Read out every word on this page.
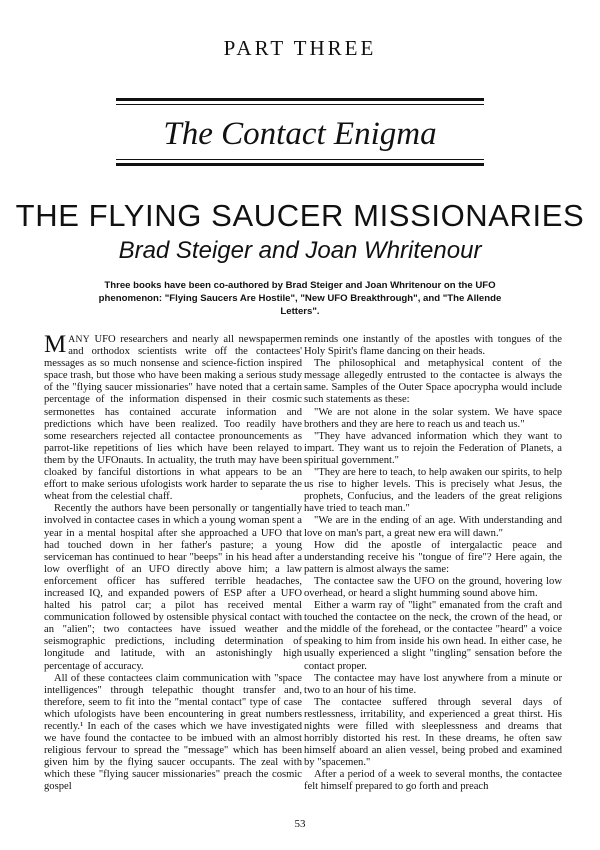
PART THREE
The Contact Enigma
THE FLYING SAUCER MISSIONARIES
Brad Steiger and Joan Whritenour
Three books have been co-authored by Brad Steiger and Joan Whritenour on the UFO phenomenon: "Flying Saucers Are Hostile", "New UFO Breakthrough", and "The Allende Letters".

MANY UFO researchers and nearly all newspapermen and orthodox scientists write off the contactees' messages as so much nonsense and science-fiction inspired space trash, but those who have been making a serious study of the "flying saucer missionaries" have noted that a certain percentage of the information dispensed in their cosmic sermonettes has contained accurate information and predictions which have been realized. Too readily have some researchers rejected all contactee pronouncements as parrot-like repetitions of lies which have been relayed to them by the UFOnauts. In actuality, the truth may have been cloaked by fanciful distortions in what appears to be an effort to make serious ufologists work harder to separate the wheat from the celestial chaff.

Recently the authors have been personally or tangentially involved in contactee cases in which a young woman spent a year in a mental hospital after she approached a UFO that had touched down in her father's pasture; a young serviceman has continued to hear "beeps" in his head after a low overflight of an UFO directly above him; a law enforcement officer has suffered terrible headaches, increased IQ, and expanded powers of ESP after a UFO halted his patrol car; a pilot has received mental communication followed by ostensible physical contact with an "alien"; two contactees have issued weather and seismographic predictions, including determination of longitude and latitude, with an astonishingly high percentage of accuracy.

All of these contactees claim communication with "space intelligences" through telepathic thought transfer and, therefore, seem to fit into the "mental contact" type of case which ufologists have been encountering in great numbers recently.¹ In each of the cases which we have investigated we have found the contactee to be imbued with an almost religious fervour to spread the "message" which has been given him by the flying saucer occupants. The zeal with which these "flying saucer missionaries" preach the cosmic gospel

reminds one instantly of the apostles with tongues of the Holy Spirit's flame dancing on their heads.

The philosophical and metaphysical content of the message allegedly entrusted to the contactee is always the same. Samples of the Outer Space apocrypha would include such statements as these:

"We are not alone in the solar system. We have space brothers and they are here to reach us and teach us."

"They have advanced information which they want to impart. They want us to rejoin the Federation of Planets, a spiritual government."

"They are here to teach, to help awaken our spirits, to help us rise to higher levels. This is precisely what Jesus, the prophets, Confucius, and the leaders of the great religions have tried to teach man."

"We are in the ending of an age. With understanding and love on man's part, a great new era will dawn."

How did the apostle of intergalactic peace and understanding receive his "tongue of fire"? Here again, the pattern is almost always the same:

The contactee saw the UFO on the ground, hovering low overhead, or heard a slight humming sound above him.

Either a warm ray of "light" emanated from the craft and touched the contactee on the neck, the crown of the head, or the middle of the forehead, or the contactee "heard" a voice speaking to him from inside his own head. In either case, he usually experienced a slight "tingling" sensation before the contact proper.

The contactee may have lost anywhere from a minute or two to an hour of his time.

The contactee suffered through several days of restlessness, irritability, and experienced a great thirst. His nights were filled with sleeplessness and dreams that horribly distorted his rest. In these dreams, he often saw himself aboard an alien vessel, being probed and examined by "spacemen."

After a period of a week to several months, the contactee felt himself prepared to go forth and preach

53
